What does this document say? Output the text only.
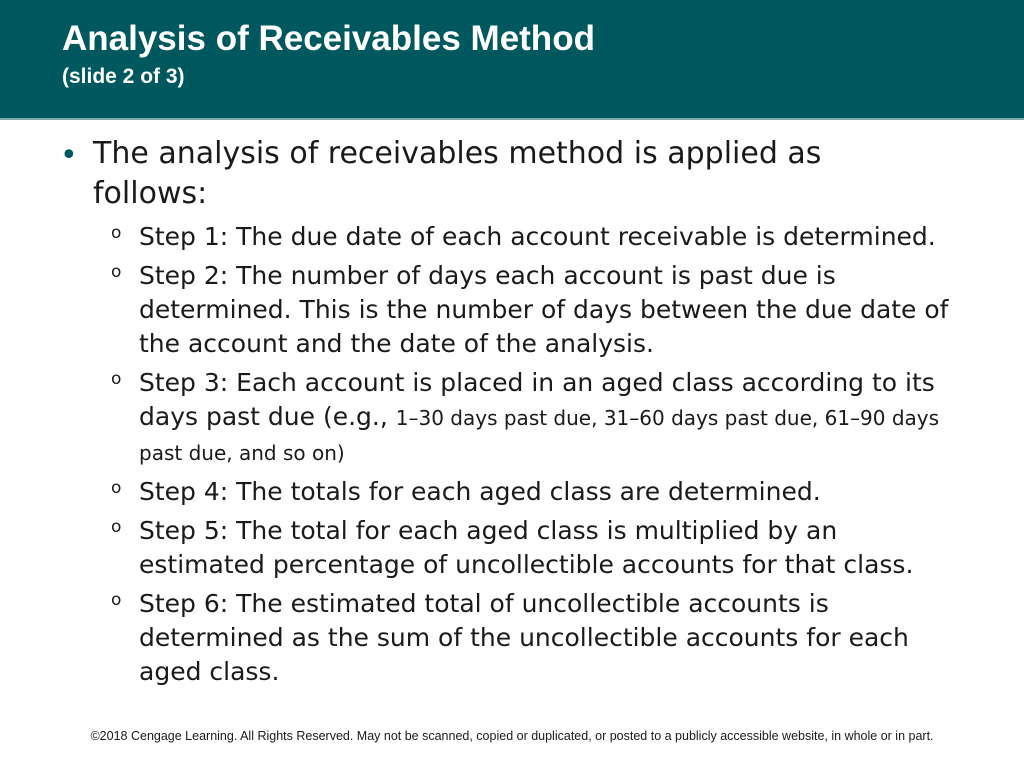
Analysis of Receivables Method
(slide 2 of 3)
• The analysis of receivables method is applied as follows:
o Step 1: The due date of each account receivable is determined.
o Step 2: The number of days each account is past due is determined. This is the number of days between the due date of the account and the date of the analysis.
o Step 3: Each account is placed in an aged class according to its days past due (e.g., 1–30 days past due, 31–60 days past due, 61–90 days past due, and so on)
o Step 4: The totals for each aged class are determined.
o Step 5: The total for each aged class is multiplied by an estimated percentage of uncollectible accounts for that class.
o Step 6: The estimated total of uncollectible accounts is determined as the sum of the uncollectible accounts for each aged class.
©2018 Cengage Learning. All Rights Reserved. May not be scanned, copied or duplicated, or posted to a publicly accessible website, in whole or in part.
